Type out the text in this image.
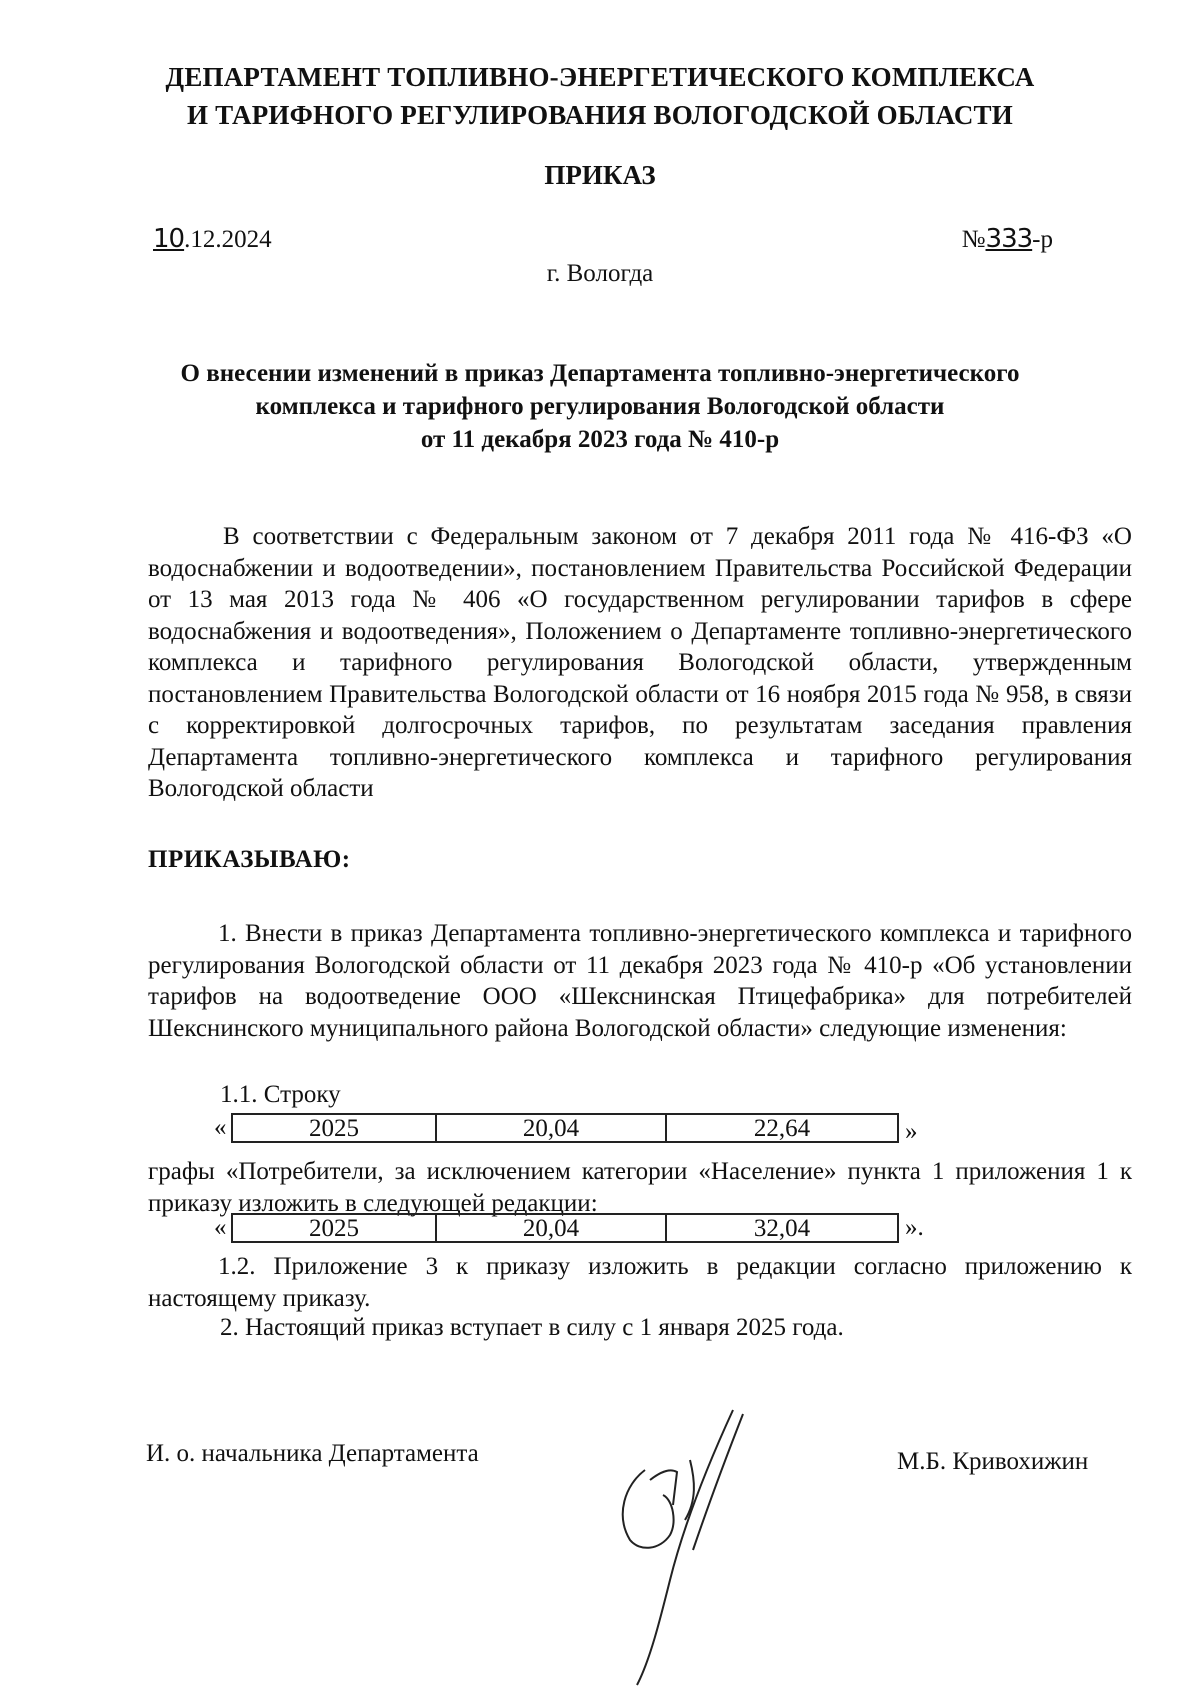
ДЕПАРТАМЕНТ ТОПЛИВНО-ЭНЕРГЕТИЧЕСКОГО КОМПЛЕКСА
И ТАРИФНОГО РЕГУЛИРОВАНИЯ ВОЛОГОДСКОЙ ОБЛАСТИ
ПРИКАЗ
10.12.2024	№333-р
г. Вологда
О внесении изменений в приказ Департамента топливно-энергетического
комплекса и тарифного регулирования Вологодской области
от 11 декабря 2023 года № 410-р
В соответствии с Федеральным законом от 7 декабря 2011 года № 416-ФЗ «О водоснабжении и водоотведении», постановлением Правительства Российской Федерации от 13 мая 2013 года № 406 «О государственном регулировании тарифов в сфере водоснабжения и водоотведения», Положением о Департаменте топливно-энергетического комплекса и тарифного регулирования Вологодской области, утвержденным постановлением Правительства Вологодской области от 16 ноября 2015 года № 958, в связи с корректировкой долгосрочных тарифов, по результатам заседания правления Департамента топливно-энергетического комплекса и тарифного регулирования Вологодской области
ПРИКАЗЫВАЮ:
1. Внести в приказ Департамента топливно-энергетического комплекса и тарифного регулирования Вологодской области от 11 декабря 2023 года № 410-р «Об установлении тарифов на водоотведение ООО «Шекснинская Птицефабрика» для потребителей Шекснинского муниципального района Вологодской области» следующие изменения:
1.1. Строку
«	2025	20,04	22,64	»
графы «Потребители, за исключением категории «Население» пункта 1 приложения 1 к приказу изложить в следующей редакции:
«	2025	20,04	32,04	».
1.2. Приложение 3 к приказу изложить в редакции согласно приложению к настоящему приказу.
2. Настоящий приказ вступает в силу с 1 января 2025 года.
И. о. начальника Департамента	М.Б. Кривохижин
